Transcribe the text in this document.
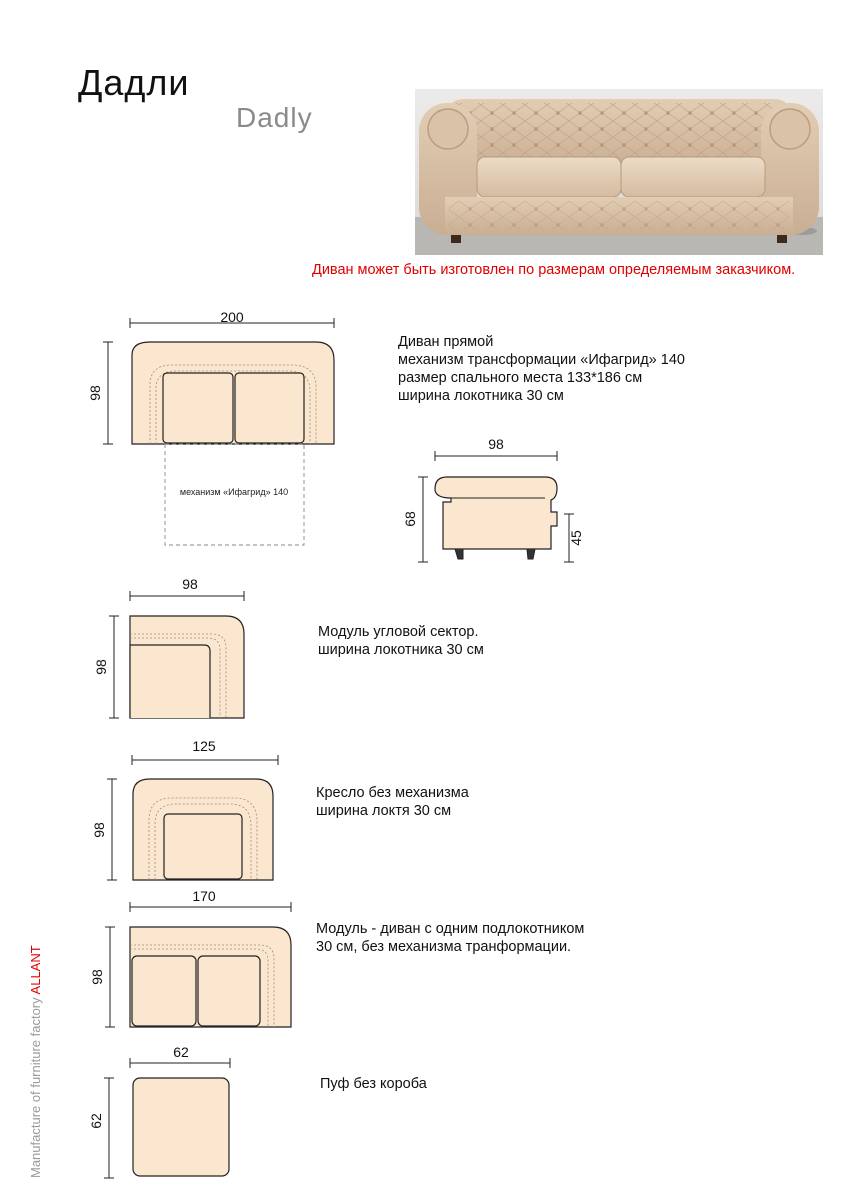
Дадли
Dadly
Диван может быть изготовлен по размерам определяемым заказчиком.
200
98
механизм «Ифагрид» 140
Диван прямой
механизм трансформации «Ифагрид» 140
размер спального места 133*186 см
ширина локотника 30 см
98
68
45
98
98
Модуль угловой сектор.
ширина локотника 30 см
125
98
Кресло без механизма
ширина локтя 30 см
170
98
Модуль - диван с одним подлокотником
30 см, без механизма транформации.
62
62
Пуф без короба
Manufacture of furniture factory ALLANT
